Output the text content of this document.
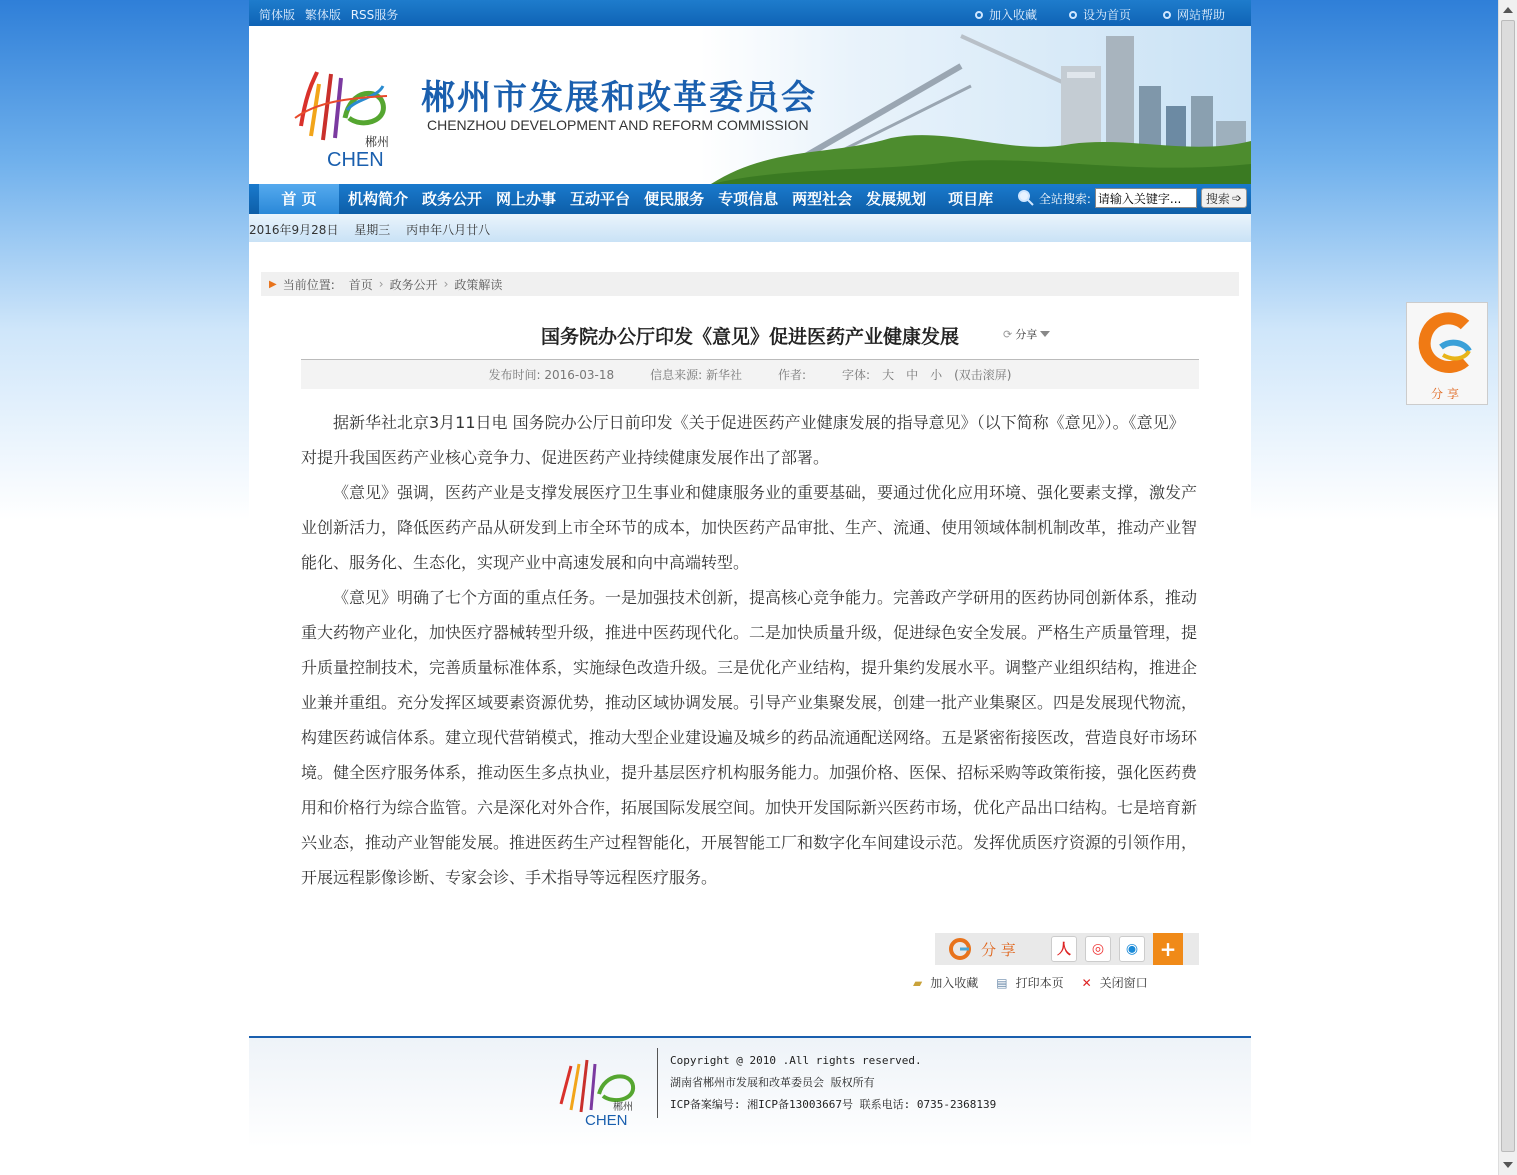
简体版 繁体版 RSS服务	加入收藏	设为首页	网站帮助
郴州
CHEN
郴州市发展和改革委员会
CHENZHOU DEVELOPMENT AND REFORM COMMISSION
首 页	机构简介 政务公开 网上办事 互动平台 便民服务 专项信息 两型社会 发展规划	项目库	全站搜索:
请输入关键字...	搜索 ➩
2016年9月28日 星期三 丙申年八月廿八
▶ 当前位置: 首页 › 政务公开 › 政策解读
国务院办公厅印发《意见》促进医药产业健康发展	⟳ 分享
发布时间: 2016-03-18	信息来源: 新华社	作者:	字体: 大 中 小 (双击滚屏)

据新华社北京3月11日电 国务院办公厅日前印发《关于促进医药产业健康发展的指导意见》（以下简称《意见》）。《意见》对提升我国医药产业核心竞争力、促进医药产业持续健康发展作出了部署。

《意见》强调，医药产业是支撑发展医疗卫生事业和健康服务业的重要基础，要通过优化应用环境、强化要素支撑，激发产业创新活力，降低医药产品从研发到上市全环节的成本，加快医药产品审批、生产、流通、使用领域体制机制改革，推动产业智能化、服务化、生态化，实现产业中高速发展和向中高端转型。

《意见》明确了七个方面的重点任务。一是加强技术创新，提高核心竞争能力。完善政产学研用的医药协同创新体系，推动重大药物产业化，加快医疗器械转型升级，推进中医药现代化。二是加快质量升级，促进绿色安全发展。严格生产质量管理，提升质量控制技术，完善质量标准体系，实施绿色改造升级。三是优化产业结构，提升集约发展水平。调整产业组织结构，推进企业兼并重组。充分发挥区域要素资源优势，推动区域协调发展。引导产业集聚发展，创建一批产业集聚区。四是发展现代物流，构建医药诚信体系。建立现代营销模式，推动大型企业建设遍及城乡的药品流通配送网络。五是紧密衔接医改，营造良好市场环境。健全医疗服务体系，推动医生多点执业，提升基层医疗机构服务能力。加强价格、医保、招标采购等政策衔接，强化医药费用和价格行为综合监管。六是深化对外合作，拓展国际发展空间。加快开发国际新兴医药市场，优化产品出口结构。七是培育新兴业态，推动产业智能发展。推进医药生产过程智能化，开展智能工厂和数字化车间建设示范。发挥优质医疗资源的引领作用，开展远程影像诊断、专家会诊、手术指导等远程医疗服务。

分 享	人	◎	◉	+
▰ 加入收藏 ▤ 打印本页 ✕ 关闭窗口
郴州
CHEN
Copyright @ 2010 .All rights reserved.
湖南省郴州市发展和改革委员会 版权所有
ICP备案编号: 湘ICP备13003667号 联系电话: 0735-2368139
分享
